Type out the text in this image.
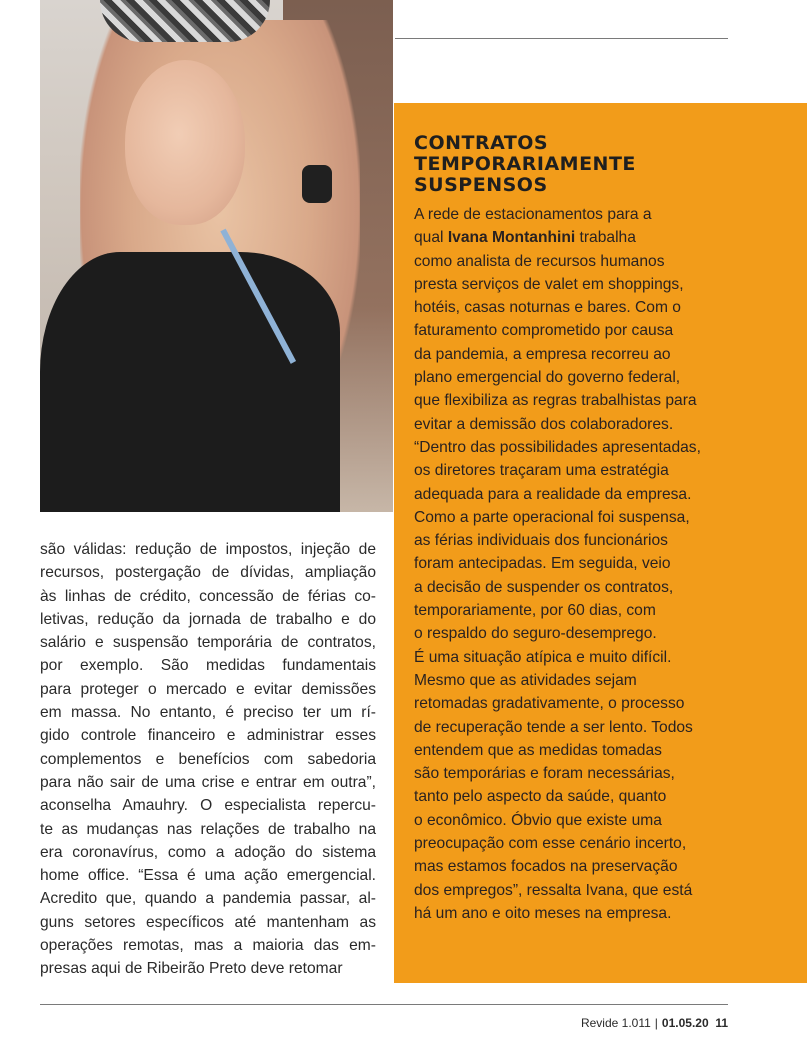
CONTRATOS
TEMPORARIAMENTE
SUSPENSOS
A rede de estacionamentos para a
qual Ivana Montanhini trabalha
como analista de recursos humanos
presta serviços de valet em shoppings,
hotéis, casas noturnas e bares. Com o
faturamento comprometido por causa
da pandemia, a empresa recorreu ao
plano emergencial do governo federal,
que flexibiliza as regras trabalhistas para
evitar a demissão dos colaboradores.
“Dentro das possibilidades apresentadas,
os diretores traçaram uma estratégia
adequada para a realidade da empresa.
Como a parte operacional foi suspensa,
as férias individuais dos funcionários
foram antecipadas. Em seguida, veio
a decisão de suspender os contratos,
temporariamente, por 60 dias, com
o respaldo do seguro-desemprego.
É uma situação atípica e muito difícil.
Mesmo que as atividades sejam
retomadas gradativamente, o processo
de recuperação tende a ser lento. Todos
entendem que as medidas tomadas
são temporárias e foram necessárias,
tanto pelo aspecto da saúde, quanto
o econômico. Óbvio que existe uma
preocupação com esse cenário incerto,
mas estamos focados na preservação
dos empregos”, ressalta Ivana, que está
há um ano e oito meses na empresa.
são válidas: redução de impostos, injeção de
recursos, postergação de dívidas, ampliação
às linhas de crédito, concessão de férias co-
letivas, redução da jornada de trabalho e do
salário e suspensão temporária de contratos,
por exemplo. São medidas fundamentais
para proteger o mercado e evitar demissões
em massa. No entanto, é preciso ter um rí-
gido controle financeiro e administrar esses
complementos e benefícios com sabedoria
para não sair de uma crise e entrar em outra”,
aconselha Amauhry. O especialista repercu-
te as mudanças nas relações de trabalho na
era coronavírus, como a adoção do sistema
home office. “Essa é uma ação emergencial.
Acredito que, quando a pandemia passar, al-
guns setores específicos até mantenham as
operações remotas, mas a maioria das em-
presas aqui de Ribeirão Preto deve retomar
Revide 1.011 | 01.05.20 11
